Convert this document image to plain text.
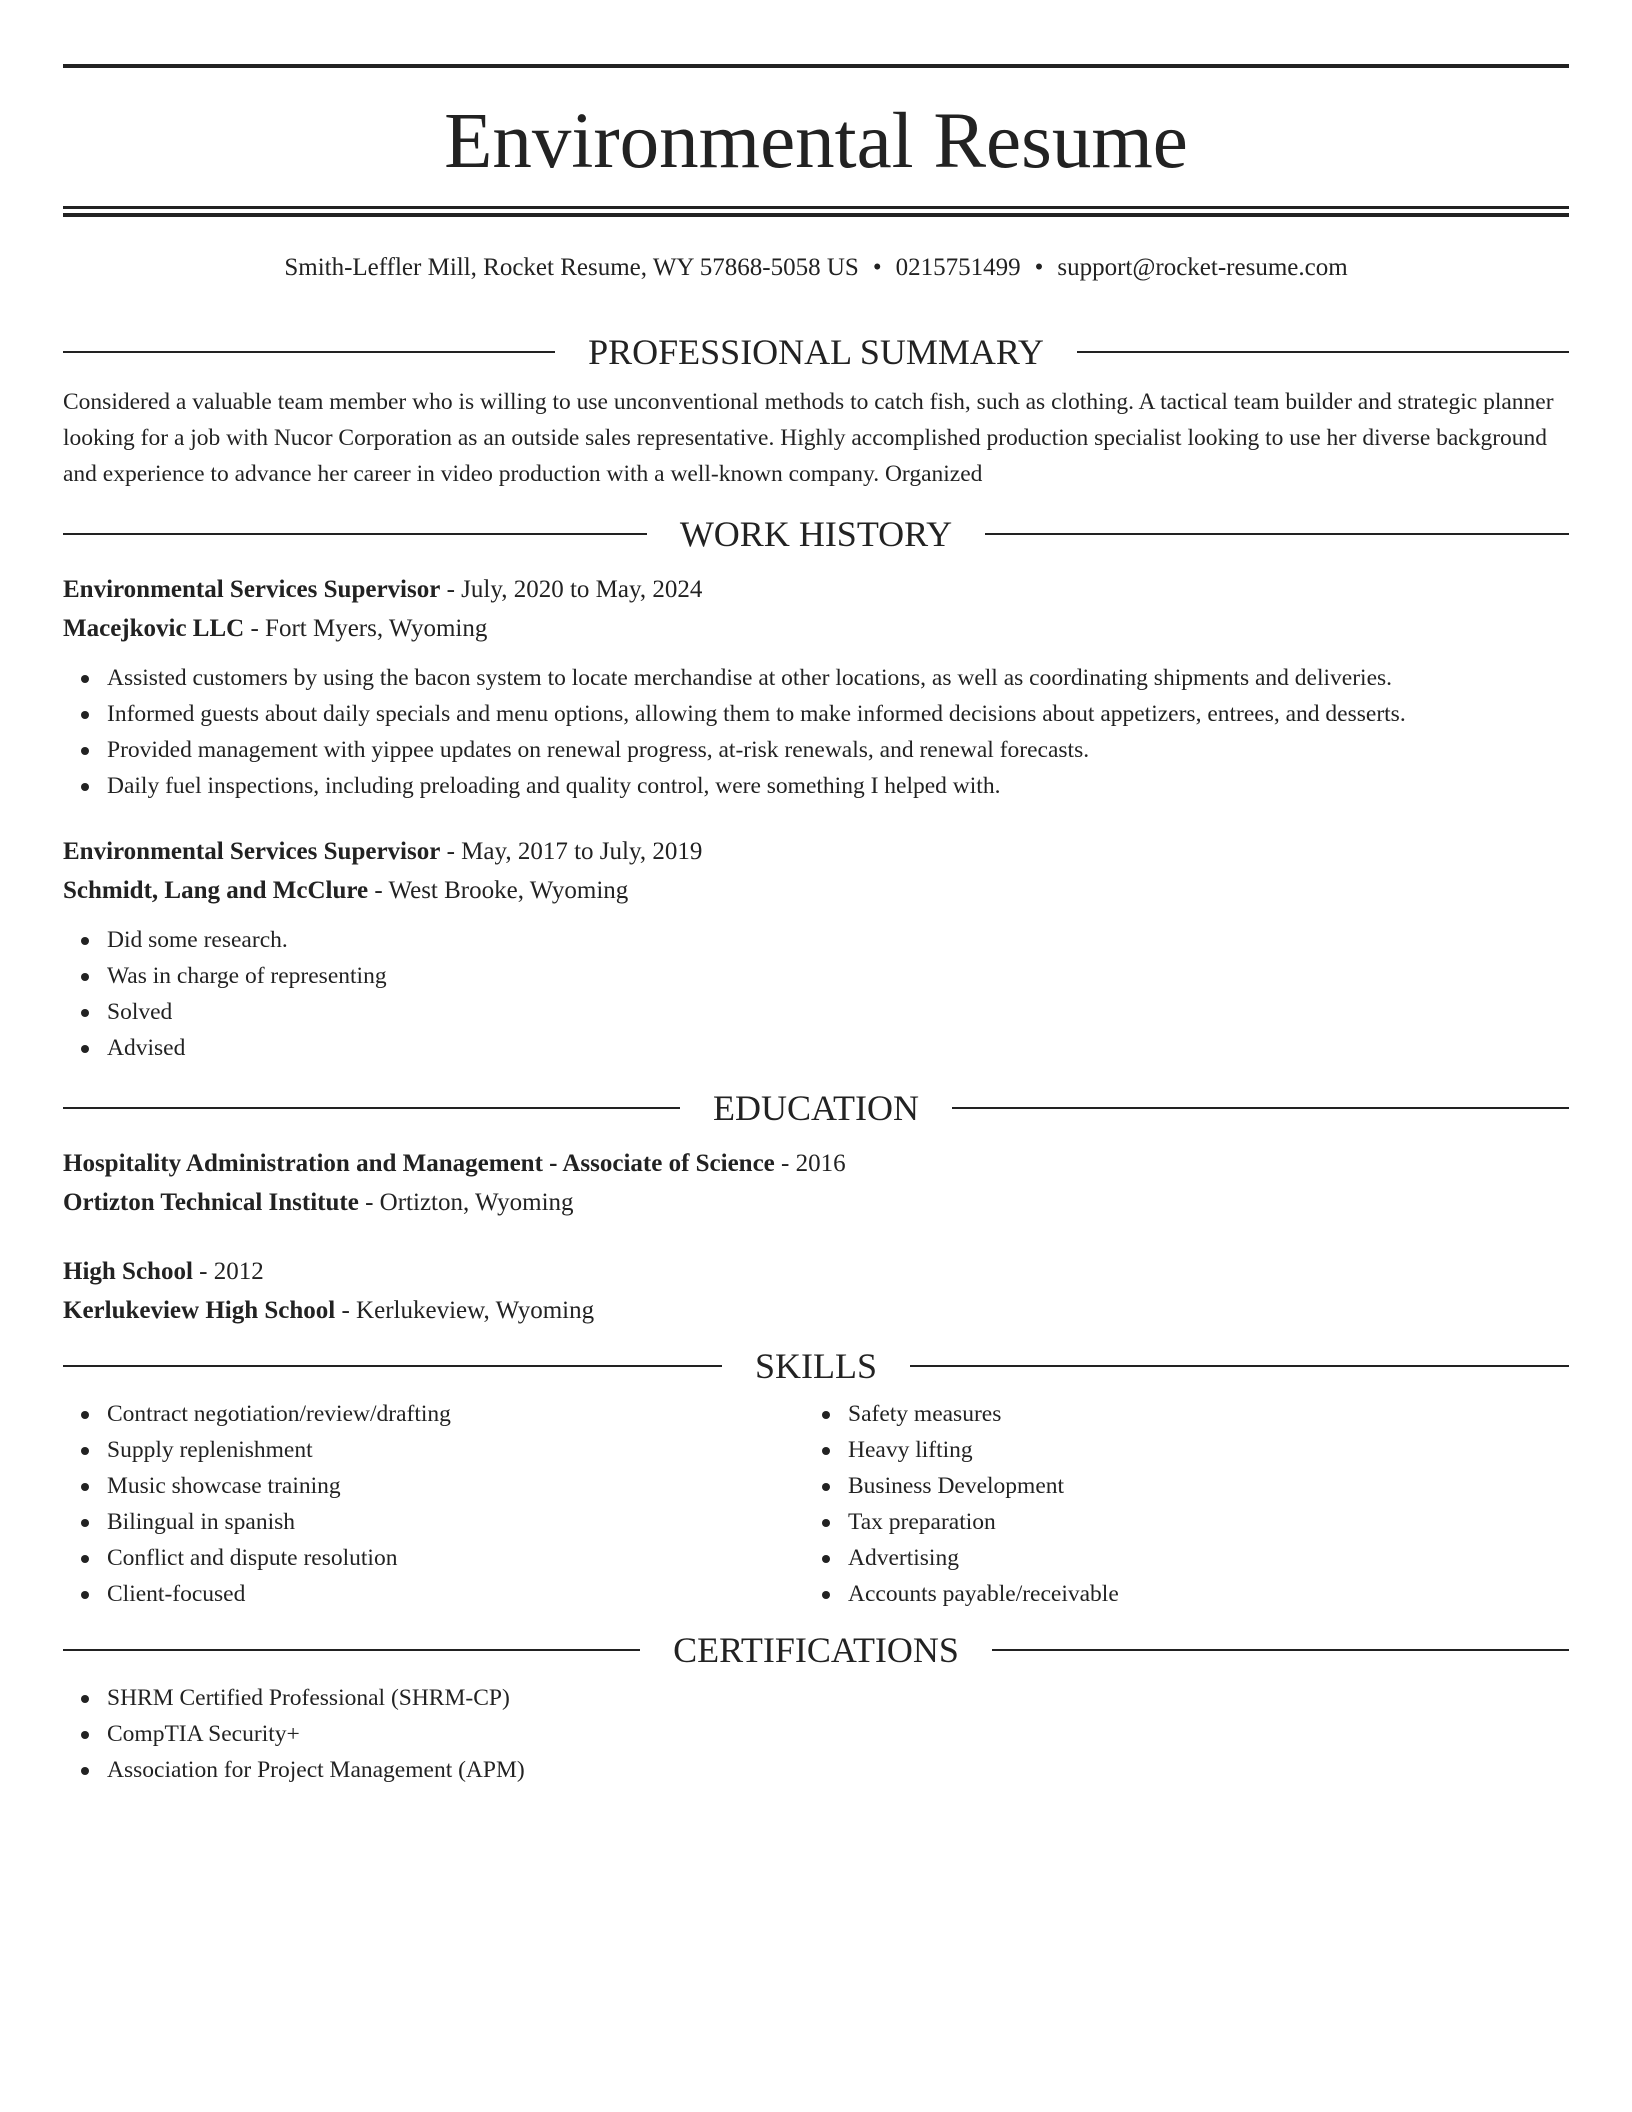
Environmental Resume
Smith-Leffler Mill, Rocket Resume, WY 57868-5058 US • 0215751499 • support@rocket-resume.com
PROFESSIONAL SUMMARY
Considered a valuable team member who is willing to use unconventional methods to catch fish, such as clothing. A tactical team builder and strategic planner looking for a job with Nucor Corporation as an outside sales representative. Highly accomplished production specialist looking to use her diverse background and experience to advance her career in video production with a well-known company. Organized
WORK HISTORY
Environmental Services Supervisor - July, 2020 to May, 2024
Macejkovic LLC - Fort Myers, Wyoming
Assisted customers by using the bacon system to locate merchandise at other locations, as well as coordinating shipments and deliveries.
Informed guests about daily specials and menu options, allowing them to make informed decisions about appetizers, entrees, and desserts.
Provided management with yippee updates on renewal progress, at-risk renewals, and renewal forecasts.
Daily fuel inspections, including preloading and quality control, were something I helped with.
Environmental Services Supervisor - May, 2017 to July, 2019
Schmidt, Lang and McClure - West Brooke, Wyoming
Did some research.
Was in charge of representing
Solved
Advised
EDUCATION
Hospitality Administration and Management - Associate of Science - 2016
Ortizton Technical Institute - Ortizton, Wyoming
High School - 2012
Kerlukeview High School - Kerlukeview, Wyoming
SKILLS
Contract negotiation/review/drafting
Supply replenishment
Music showcase training
Bilingual in spanish
Conflict and dispute resolution
Client-focused
Safety measures
Heavy lifting
Business Development
Tax preparation
Advertising
Accounts payable/receivable
CERTIFICATIONS
SHRM Certified Professional (SHRM-CP)
CompTIA Security+
Association for Project Management (APM)
